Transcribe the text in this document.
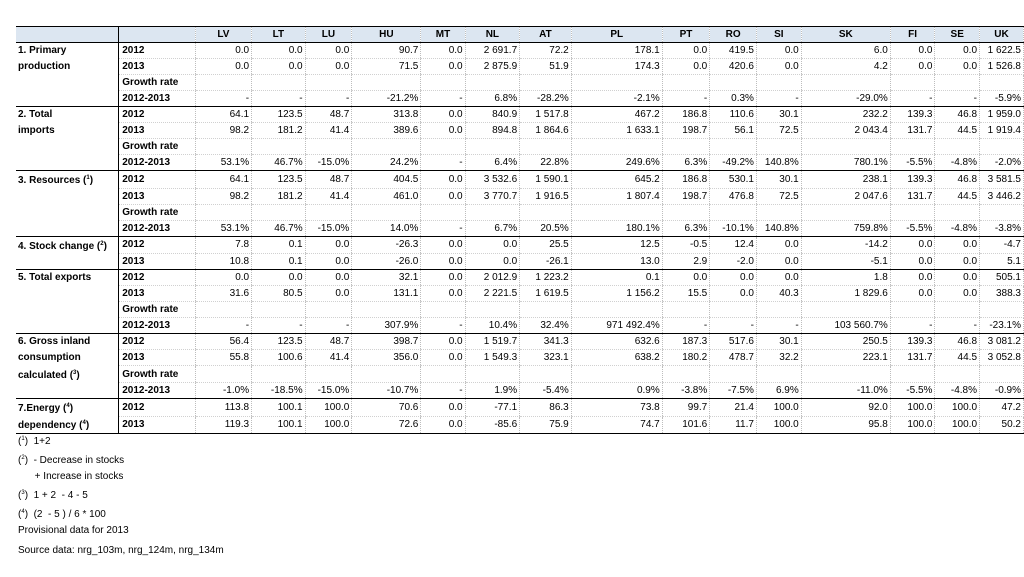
		LV	LT	LU	HU	MT	NL	AT	PL	PT	RO	SI	SK	FI	SE	UK
1. Primary	2012	0.0	0.0	0.0	90.7	0.0	2 691.7	72.2	178.1	0.0	419.5	0.0	6.0	0.0	0.0	1 622.5
production	2013	0.0	0.0	0.0	71.5	0.0	2 875.9	51.9	174.3	0.0	420.6	0.0	4.2	0.0	0.0	1 526.8
	Growth rate															
	2012-2013	-	-	-	-21.2%	-	6.8%	-28.2%	-2.1%	-	0.3%	-	-29.0%	-	-	-5.9%
2. Total	2012	64.1	123.5	48.7	313.8	0.0	840.9	1 517.8	467.2	186.8	110.6	30.1	232.2	139.3	46.8	1 959.0
imports	2013	98.2	181.2	41.4	389.6	0.0	894.8	1 864.6	1 633.1	198.7	56.1	72.5	2 043.4	131.7	44.5	1 919.4
	Growth rate															
	2012-2013	53.1%	46.7%	-15.0%	24.2%	-	6.4%	22.8%	249.6%	6.3%	-49.2%	140.8%	780.1%	-5.5%	-4.8%	-2.0%
3. Resources ($^1$)	2012	64.1	123.5	48.7	404.5	0.0	3 532.6	1 590.1	645.2	186.8	530.1	30.1	238.1	139.3	46.8	3 581.5
	2013	98.2	181.2	41.4	461.0	0.0	3 770.7	1 916.5	1 807.4	198.7	476.8	72.5	2 047.6	131.7	44.5	3 446.2
	Growth rate															
	2012-2013	53.1%	46.7%	-15.0%	14.0%	-	6.7%	20.5%	180.1%	6.3%	-10.1%	140.8%	759.8%	-5.5%	-4.8%	-3.8%
4. Stock change ($^2$)	2012	7.8	0.1	0.0	-26.3	0.0	0.0	25.5	12.5	-0.5	12.4	0.0	-14.2	0.0	0.0	-4.7
	2013	10.8	0.1	0.0	-26.0	0.0	0.0	-26.1	13.0	2.9	-2.0	0.0	-5.1	0.0	0.0	5.1
5. Total exports	2012	0.0	0.0	0.0	32.1	0.0	2 012.9	1 223.2	0.1	0.0	0.0	0.0	1.8	0.0	0.0	505.1
	2013	31.6	80.5	0.0	131.1	0.0	2 221.5	1 619.5	1 156.2	15.5	0.0	40.3	1 829.6	0.0	0.0	388.3
	Growth rate															
	2012-2013	-	-	-	307.9%	-	10.4%	32.4%	971 492.4%	-	-	-	103 560.7%	-	-	-23.1%
6. Gross inland	2012	56.4	123.5	48.7	398.7	0.0	1 519.7	341.3	632.6	187.3	517.6	30.1	250.5	139.3	46.8	3 081.2
consumption	2013	55.8	100.6	41.4	356.0	0.0	1 549.3	323.1	638.2	180.2	478.7	32.2	223.1	131.7	44.5	3 052.8
calculated ($^3$)	Growth rate															
	2012-2013	-1.0%	-18.5%	-15.0%	-10.7%	-	1.9%	-5.4%	0.9%	-3.8%	-7.5%	6.9%	-11.0%	-5.5%	-4.8%	-0.9%
7.Energy ($^4$)	2012	113.8	100.1	100.0	70.6	0.0	-77.1	86.3	73.8	99.7	21.4	100.0	92.0	100.0	100.0	47.2
dependency ($^4$)	2013	119.3	100.1	100.0	72.6	0.0	-85.6	75.9	74.7	101.6	11.7	100.0	95.8	100.0	100.0	50.2
($^1$)  1+2
($^2$)  - Decrease in stocks
+ Increase in stocks
($^3$)  1 + 2  - 4 - 5
($^4$)  (2  - 5 ) / 6 * 100
Provisional data for 2013
Source data: nrg_103m, nrg_124m, nrg_134m
